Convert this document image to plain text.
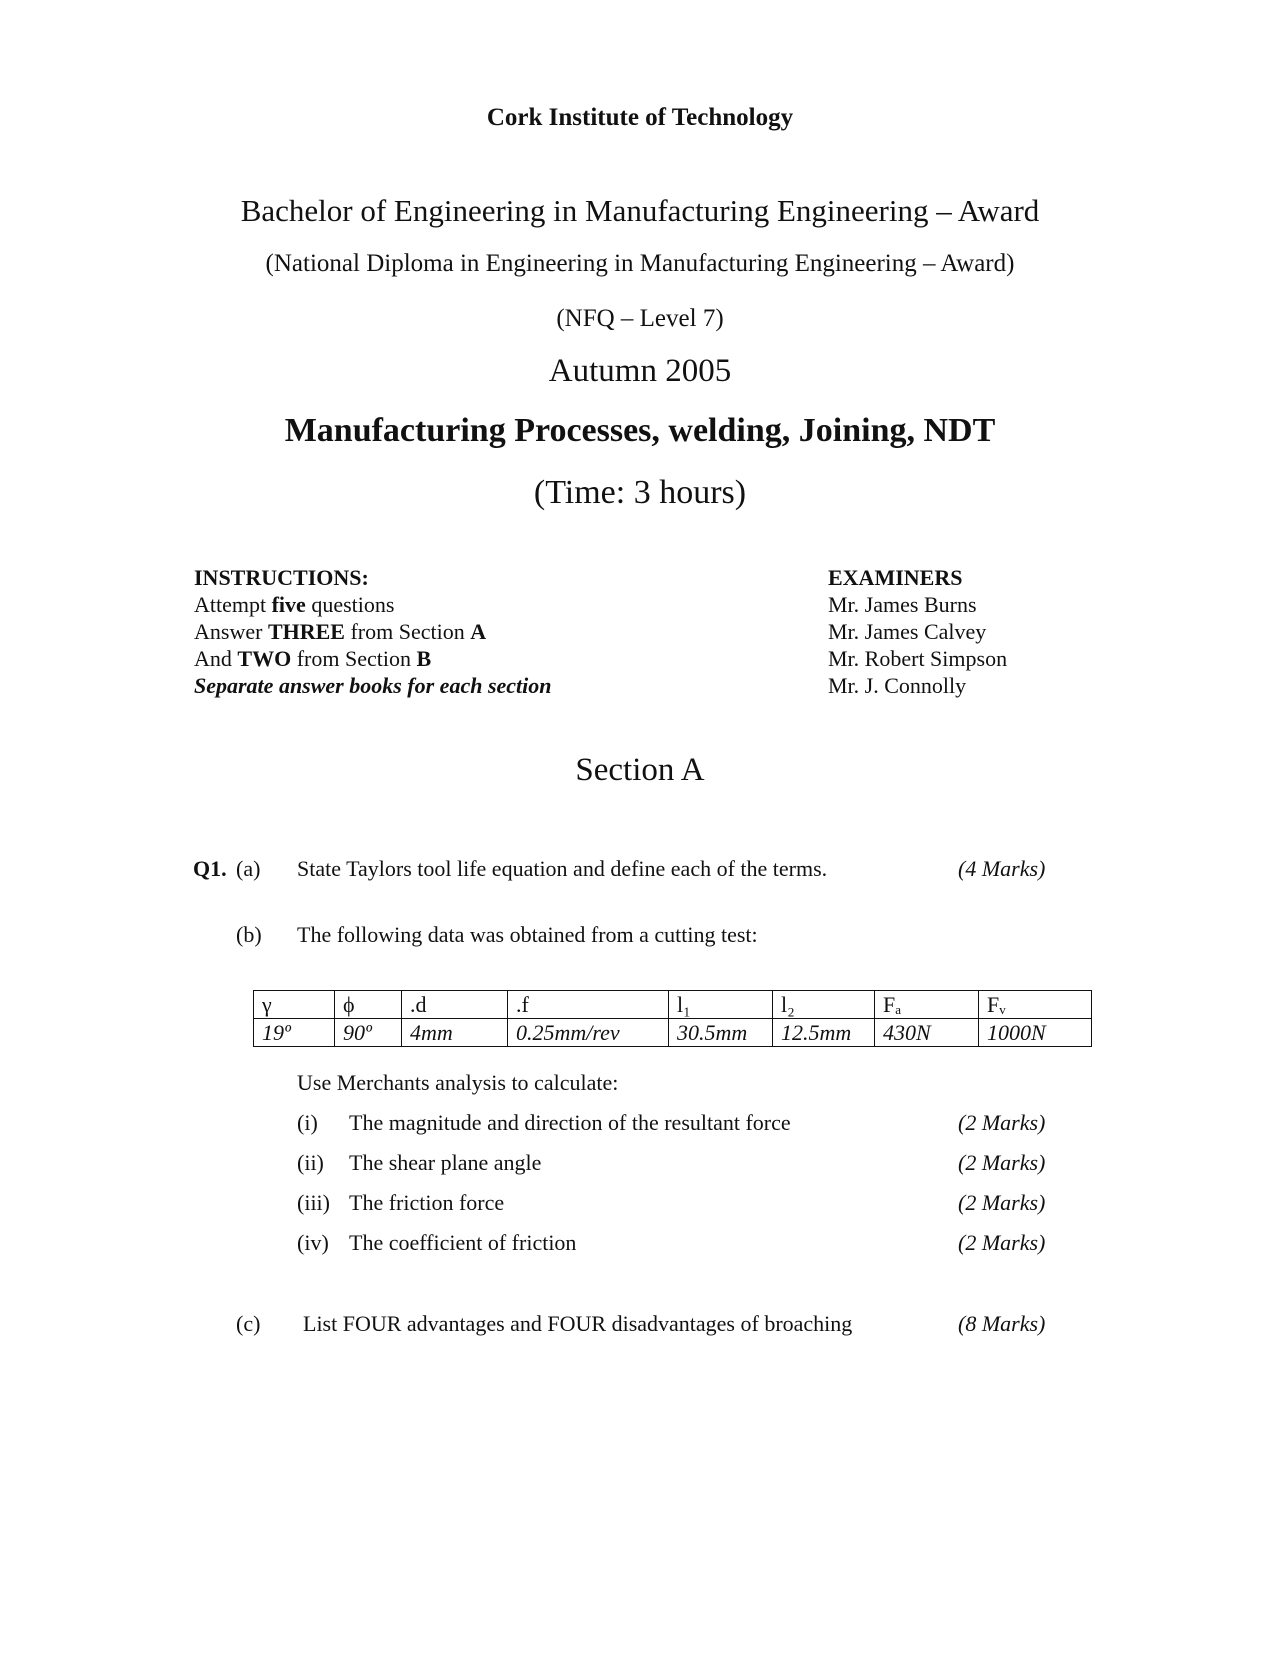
Cork Institute of Technology
Bachelor of Engineering in Manufacturing Engineering – Award
(National Diploma in Engineering in Manufacturing Engineering – Award)
(NFQ – Level 7)
Autumn 2005
Manufacturing Processes, welding, Joining, NDT
(Time: 3 hours)
INSTRUCTIONS:
Attempt five questions
Answer THREE from Section A
And TWO from Section B
Separate answer books for each section
EXAMINERS
Mr. James Burns
Mr. James Calvey
Mr. Robert Simpson
Mr. J. Connolly
Section A
Q1. (a) State Taylors tool life equation and define each of the terms.	(4 Marks)
(b) The following data was obtained from a cutting test:
γ	ϕ	.d	.f	l₁	l₂	Fₐ	Fᵥ
19º	90º	4mm	0.25mm/rev	30.5mm	12.5mm	430N	1000N
Use Merchants analysis to calculate:
(i) The magnitude and direction of the resultant force	(2 Marks)
(ii) The shear plane angle	(2 Marks)
(iii) The friction force	(2 Marks)
(iv) The coefficient of friction	(2 Marks)
(c) List FOUR advantages and FOUR disadvantages of broaching	(8 Marks)
